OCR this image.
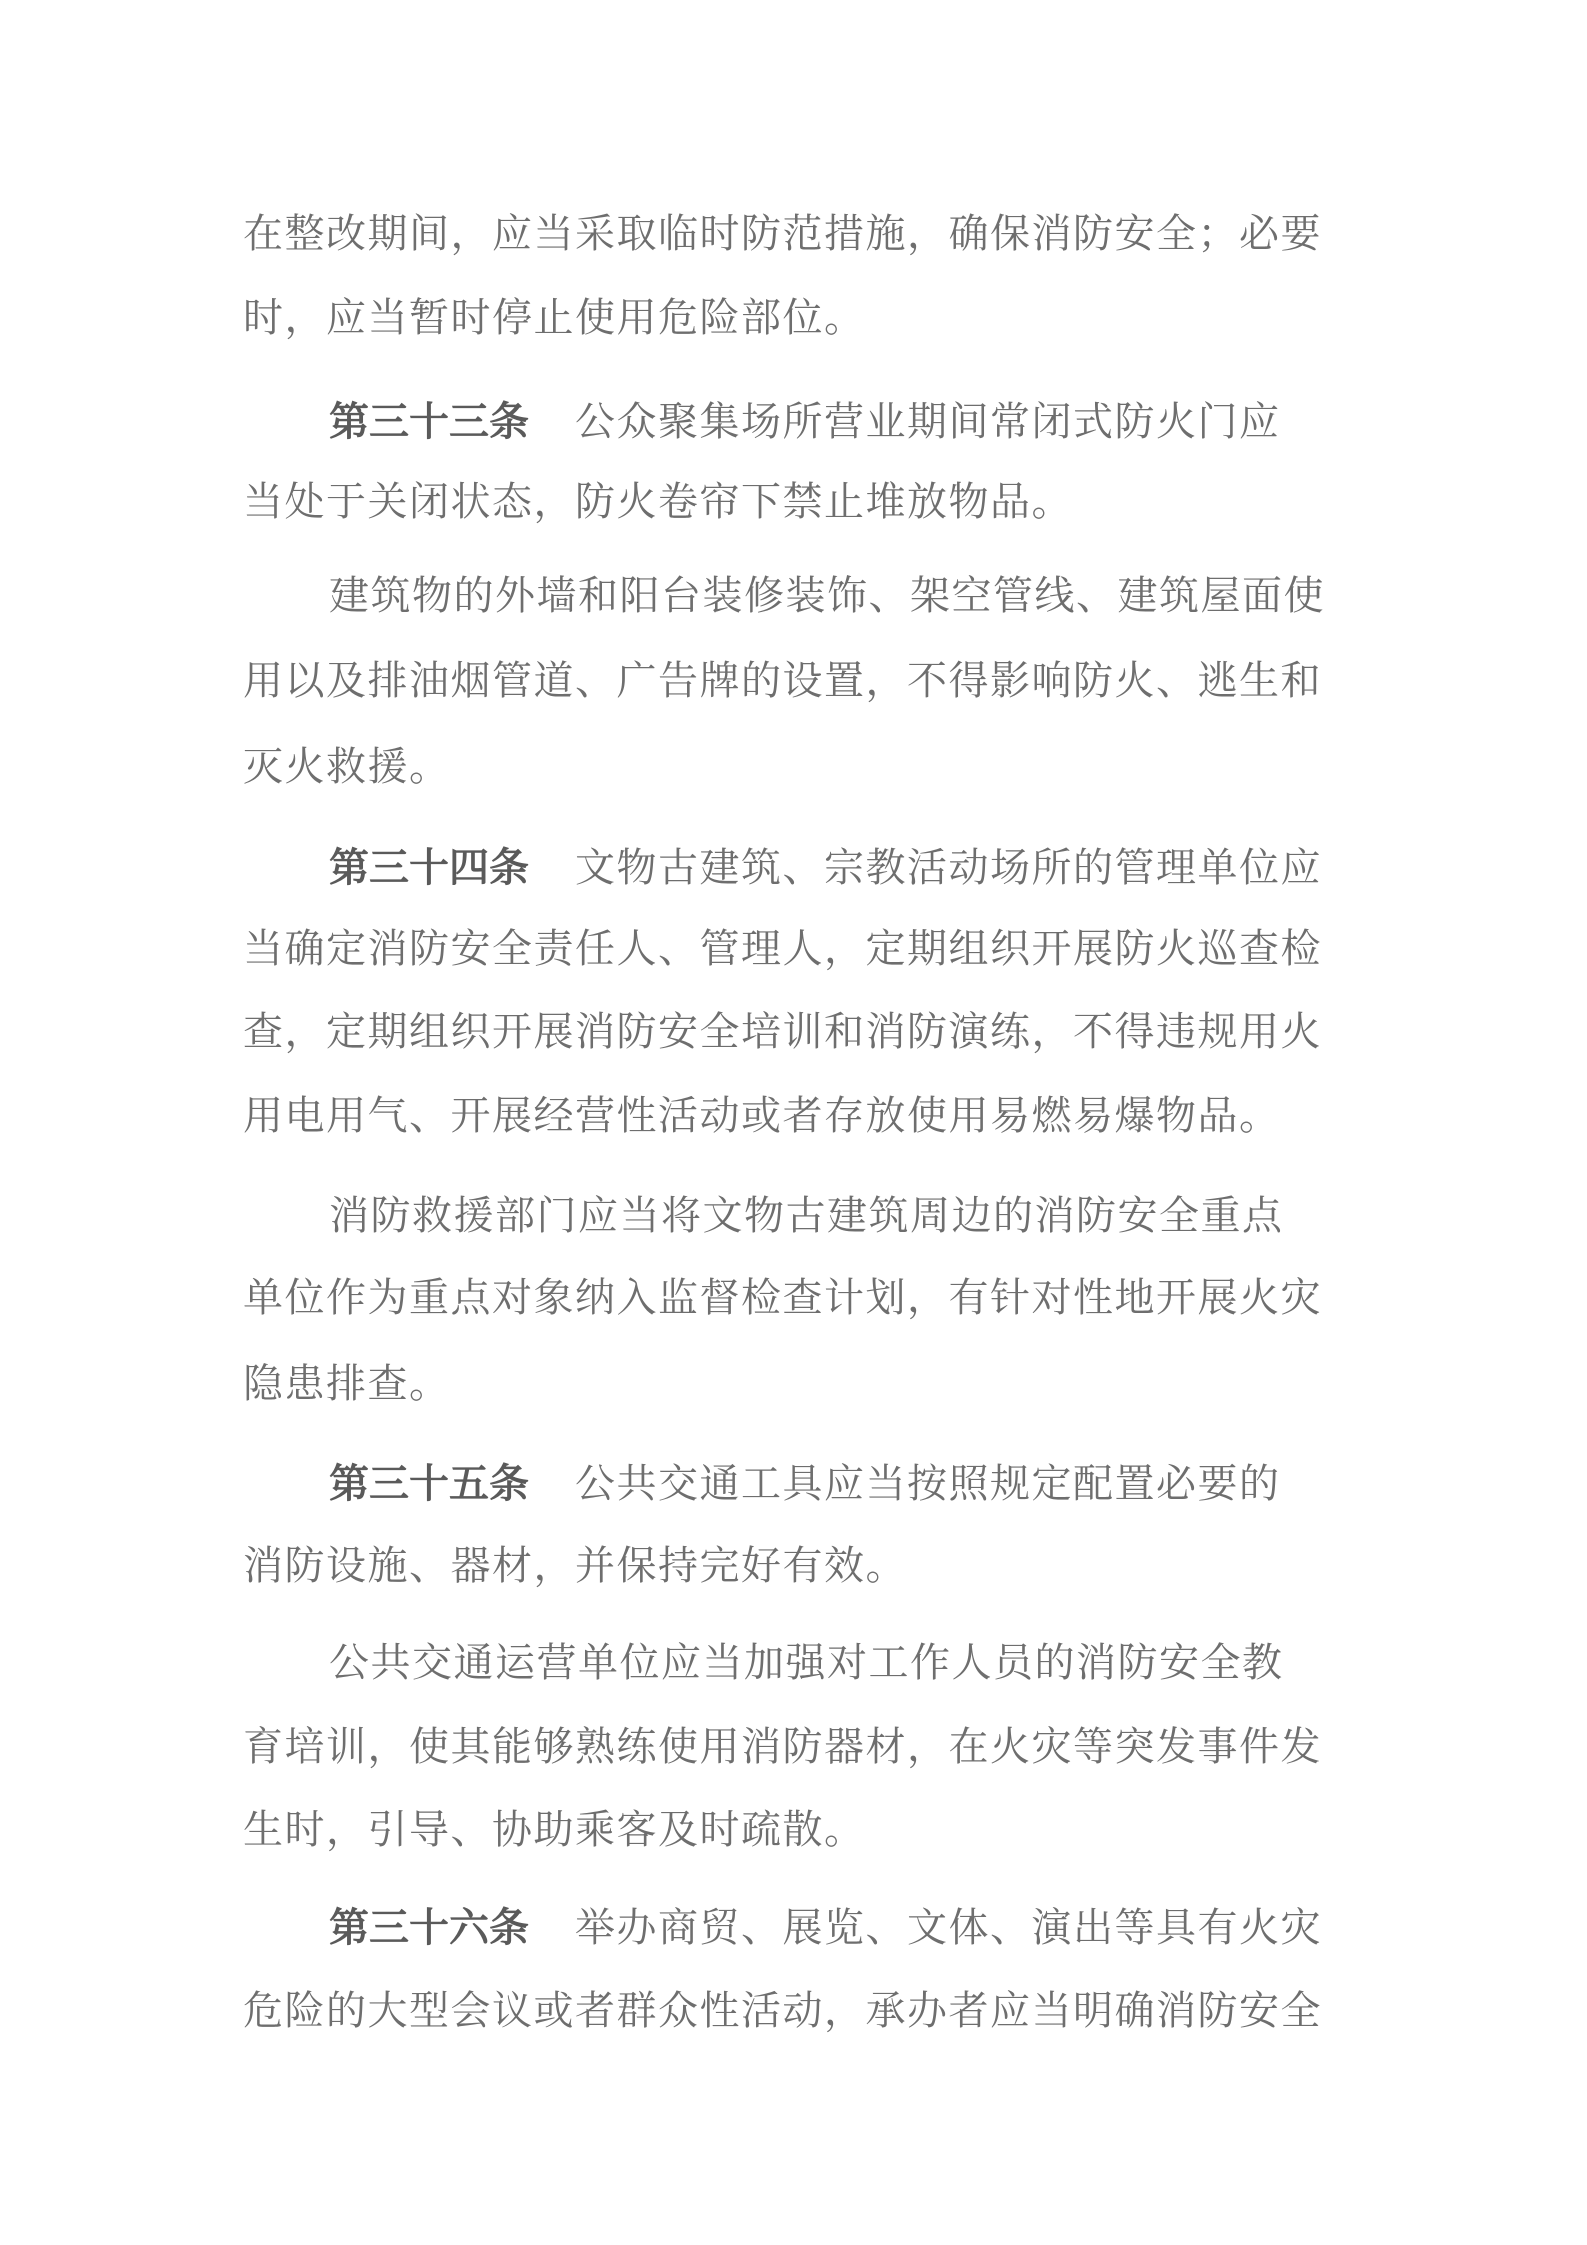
在整改期间，应当采取临时防范措施，确保消防安全；必要
时，应当暂时停止使用危险部位。
第三十三条 公众聚集场所营业期间常闭式防火门应
当处于关闭状态，防火卷帘下禁止堆放物品。
建筑物的外墙和阳台装修装饰、架空管线、建筑屋面使
用以及排油烟管道、广告牌的设置，不得影响防火、逃生和
灭火救援。
第三十四条 文物古建筑、宗教活动场所的管理单位应
当确定消防安全责任人、管理人，定期组织开展防火巡查检
查，定期组织开展消防安全培训和消防演练，不得违规用火
用电用气、开展经营性活动或者存放使用易燃易爆物品。
消防救援部门应当将文物古建筑周边的消防安全重点
单位作为重点对象纳入监督检查计划，有针对性地开展火灾
隐患排查。
第三十五条 公共交通工具应当按照规定配置必要的
消防设施、器材，并保持完好有效。
公共交通运营单位应当加强对工作人员的消防安全教
育培训，使其能够熟练使用消防器材，在火灾等突发事件发
生时，引导、协助乘客及时疏散。
第三十六条 举办商贸、展览、文体、演出等具有火灾
危险的大型会议或者群众性活动，承办者应当明确消防安全
